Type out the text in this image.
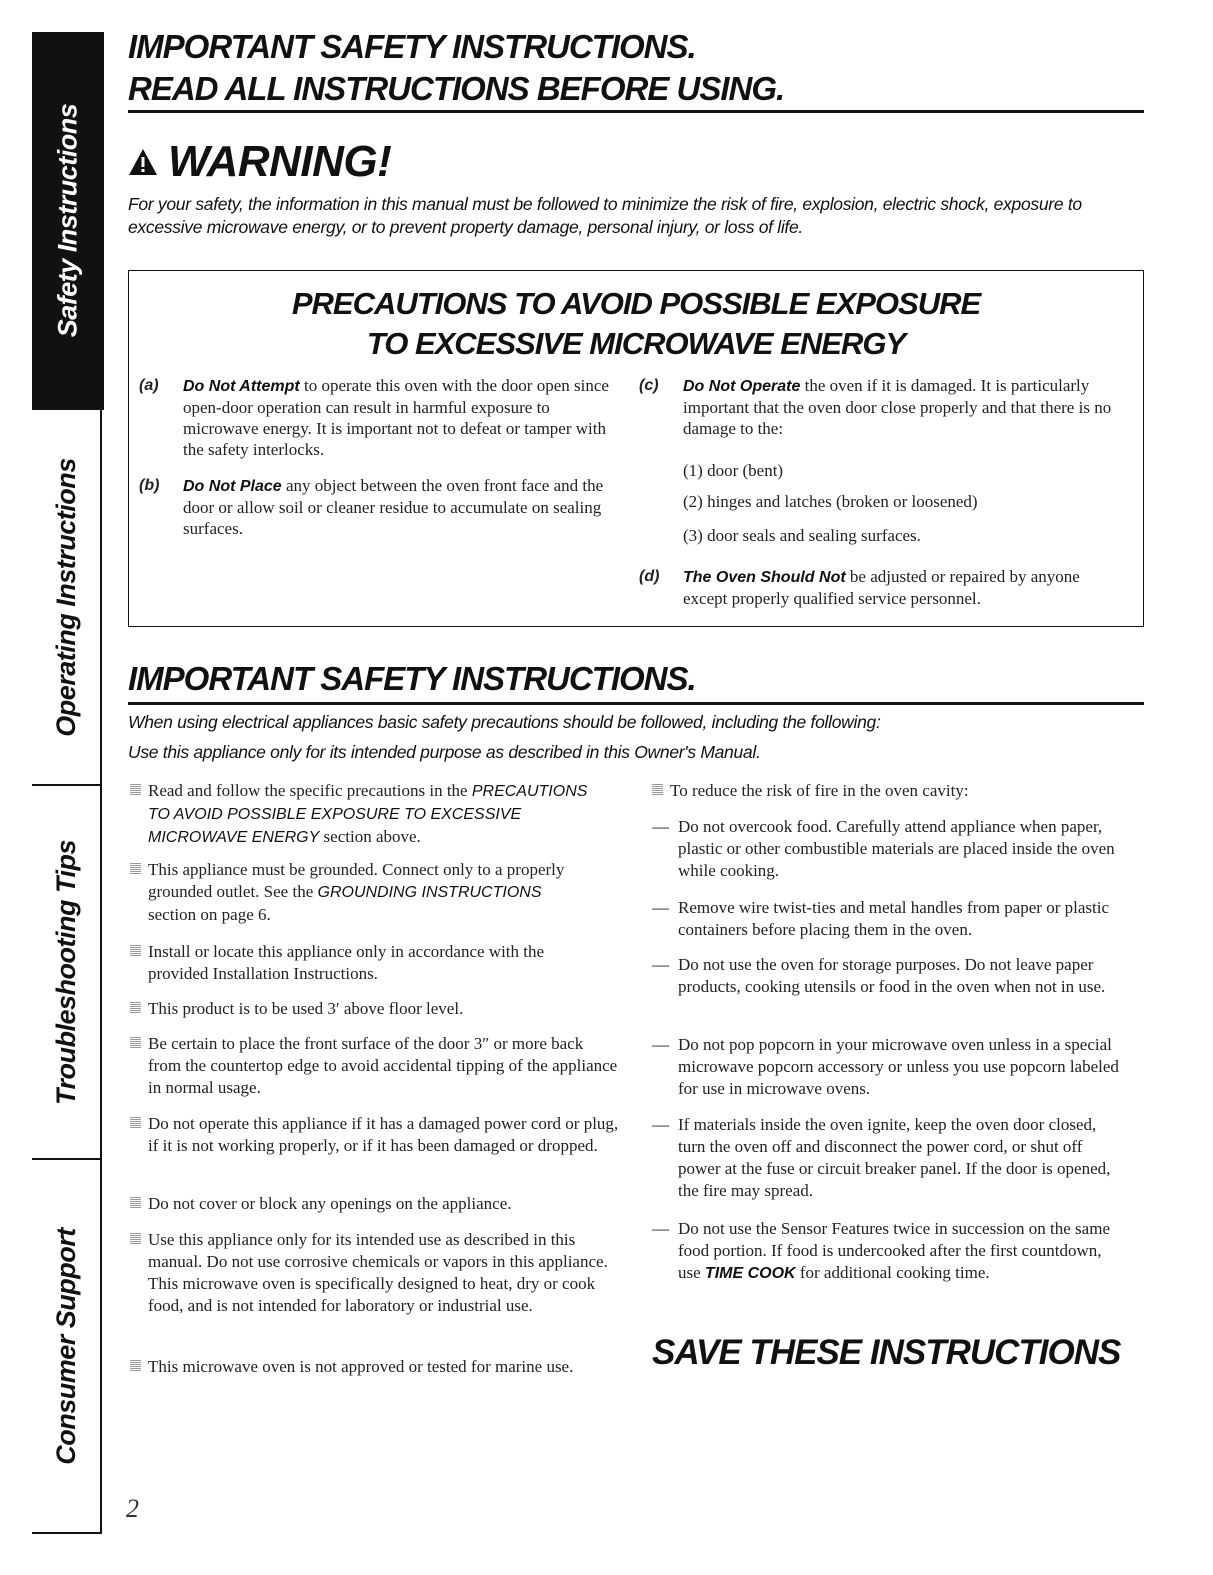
Safety Instructions
Operating Instructions
Troubleshooting Tips
Consumer Support
IMPORTANT SAFETY INSTRUCTIONS.
READ ALL INSTRUCTIONS BEFORE USING.
WARNING!
For your safety, the information in this manual must be followed to minimize the risk of fire, explosion, electric shock, exposure to excessive microwave energy, or to prevent property damage, personal injury, or loss of life.
PRECAUTIONS TO AVOID POSSIBLE EXPOSURE
TO EXCESSIVE MICROWAVE ENERGY
(a)	Do Not Attempt to operate this oven with the door open since open-door operation can result in harmful exposure to microwave energy. It is important not to defeat or tamper with the safety interlocks.
(b)	Do Not Place any object between the oven front face and the door or allow soil or cleaner residue to accumulate on sealing surfaces.
(c)	Do Not Operate the oven if it is damaged. It is particularly important that the oven door close properly and that there is no damage to the:
(1) door (bent)
(2) hinges and latches (broken or loosened)
(3) door seals and sealing surfaces.
(d)	The Oven Should Not be adjusted or repaired by anyone except properly qualified service personnel.
IMPORTANT SAFETY INSTRUCTIONS.
When using electrical appliances basic safety precautions should be followed, including the following:
Use this appliance only for its intended purpose as described in this Owner's Manual.
Read and follow the specific precautions in the PRECAUTIONS TO AVOID POSSIBLE EXPOSURE TO EXCESSIVE MICROWAVE ENERGY section above.
This appliance must be grounded. Connect only to a properly grounded outlet. See the GROUNDING INSTRUCTIONS section on page 6.
Install or locate this appliance only in accordance with the provided Installation Instructions.
This product is to be used 3′ above floor level.
Be certain to place the front surface of the door 3″ or more back from the countertop edge to avoid accidental tipping of the appliance in normal usage.
Do not operate this appliance if it has a damaged power cord or plug, if it is not working properly, or if it has been damaged or dropped.
Do not cover or block any openings on the appliance.
Use this appliance only for its intended use as described in this manual. Do not use corrosive chemicals or vapors in this appliance. This microwave oven is specifically designed to heat, dry or cook food, and is not intended for laboratory or industrial use.
This microwave oven is not approved or tested for marine use.
To reduce the risk of fire in the oven cavity:
— Do not overcook food. Carefully attend appliance when paper, plastic or other combustible materials are placed inside the oven while cooking.
— Remove wire twist-ties and metal handles from paper or plastic containers before placing them in the oven.
— Do not use the oven for storage purposes. Do not leave paper products, cooking utensils or food in the oven when not in use.
— Do not pop popcorn in your microwave oven unless in a special microwave popcorn accessory or unless you use popcorn labeled for use in microwave ovens.
— If materials inside the oven ignite, keep the oven door closed, turn the oven off and disconnect the power cord, or shut off power at the fuse or circuit breaker panel. If the door is opened, the fire may spread.
— Do not use the Sensor Features twice in succession on the same food portion. If food is undercooked after the first countdown, use TIME COOK for additional cooking time.
SAVE THESE INSTRUCTIONS
2
